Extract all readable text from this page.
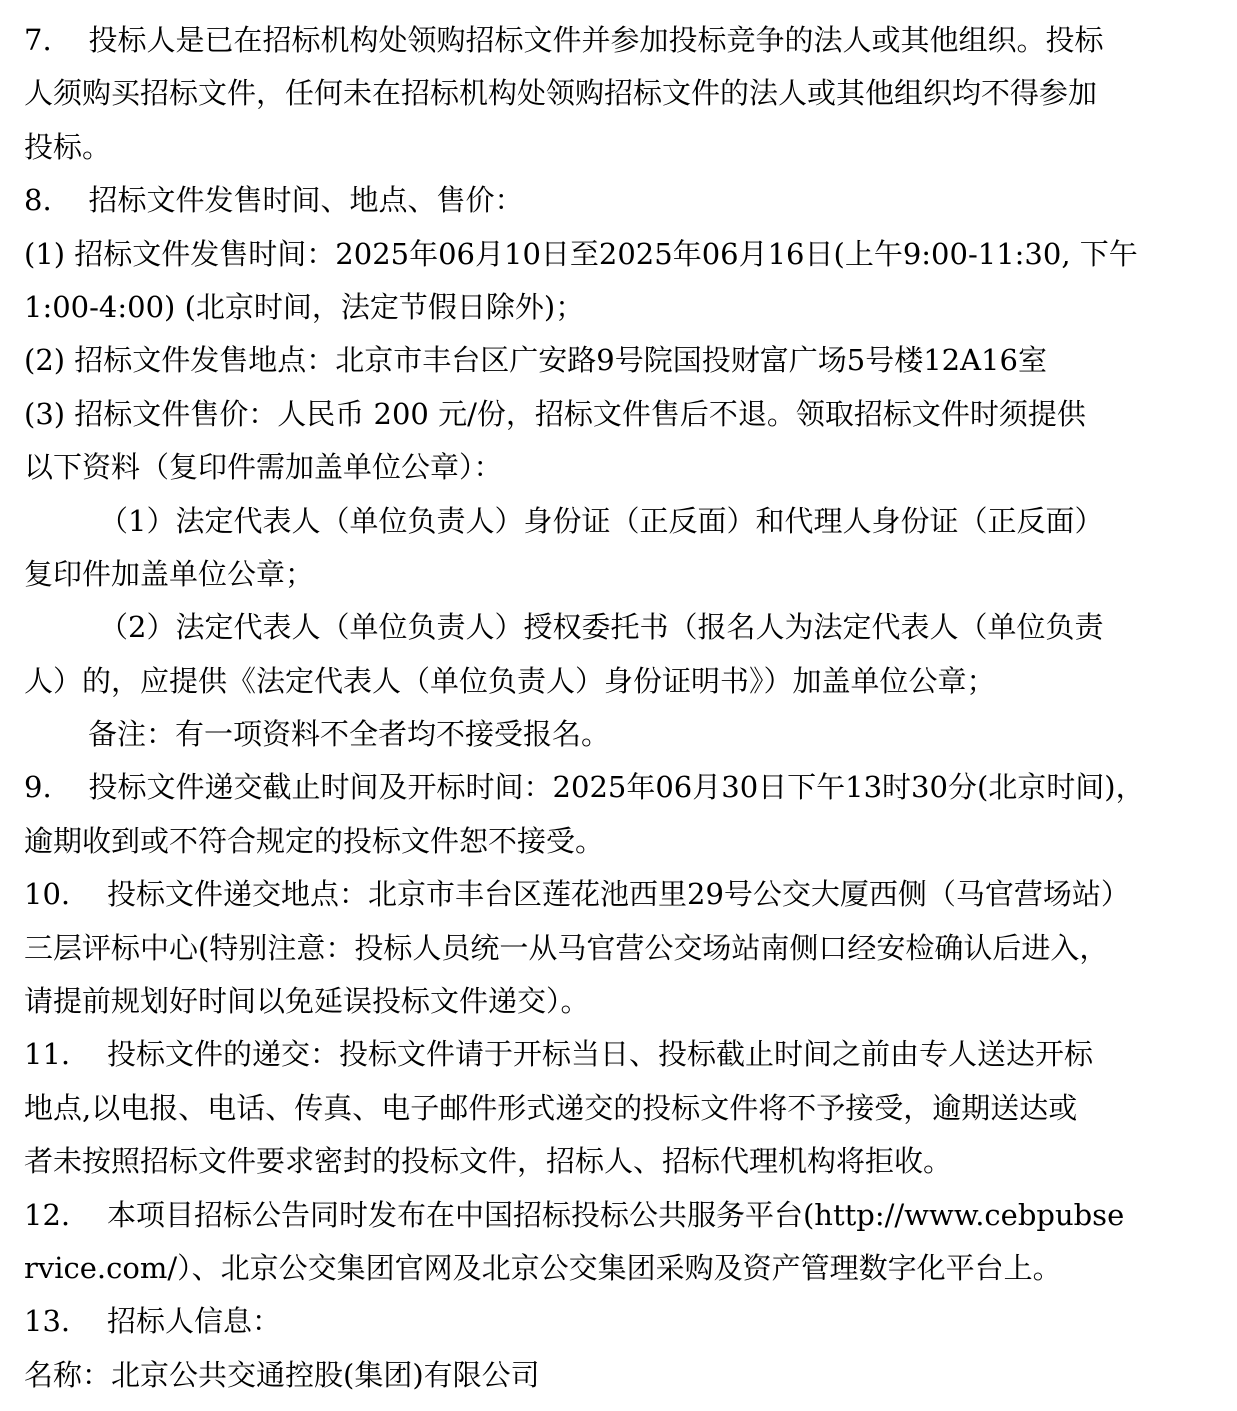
7.    投标人是已在招标机构处领购招标文件并参加投标竞争的法人或其他组织。投标
人须购买招标文件，任何未在招标机构处领购招标文件的法人或其他组织均不得参加
投标。
8.    招标文件发售时间、地点、售价：
(1) 招标文件发售时间：2025年06月10日至2025年06月16日(上午9:00-11:30, 下午
1:00-4:00) (北京时间，法定节假日除外)；
(2) 招标文件发售地点：北京市丰台区广安路9号院国投财富广场5号楼12A16室
(3) 招标文件售价：人民币 200 元/份，招标文件售后不退。领取招标文件时须提供
以下资料（复印件需加盖单位公章）：
（1）法定代表人（单位负责人）身份证（正反面）和代理人身份证（正反面）
复印件加盖单位公章；
（2）法定代表人（单位负责人）授权委托书（报名人为法定代表人（单位负责
人）的，应提供《法定代表人（单位负责人）身份证明书》）加盖单位公章；
备注：有一项资料不全者均不接受报名。
9.    投标文件递交截止时间及开标时间：2025年06月30日下午13时30分(北京时间)，
逾期收到或不符合规定的投标文件恕不接受。
10.    投标文件递交地点：北京市丰台区莲花池西里29号公交大厦西侧（马官营场站）
三层评标中心(特别注意：投标人员统一从马官营公交场站南侧口经安检确认后进入，
请提前规划好时间以免延误投标文件递交）。
11.    投标文件的递交：投标文件请于开标当日、投标截止时间之前由专人送达开标
地点,以电报、电话、传真、电子邮件形式递交的投标文件将不予接受，逾期送达或
者未按照招标文件要求密封的投标文件，招标人、招标代理机构将拒收。
12.    本项目招标公告同时发布在中国招标投标公共服务平台(http://www.cebpubse
rvice.com/）、北京公交集团官网及北京公交集团采购及资产管理数字化平台上。
13.    招标人信息：
名称：北京公共交通控股(集团)有限公司
